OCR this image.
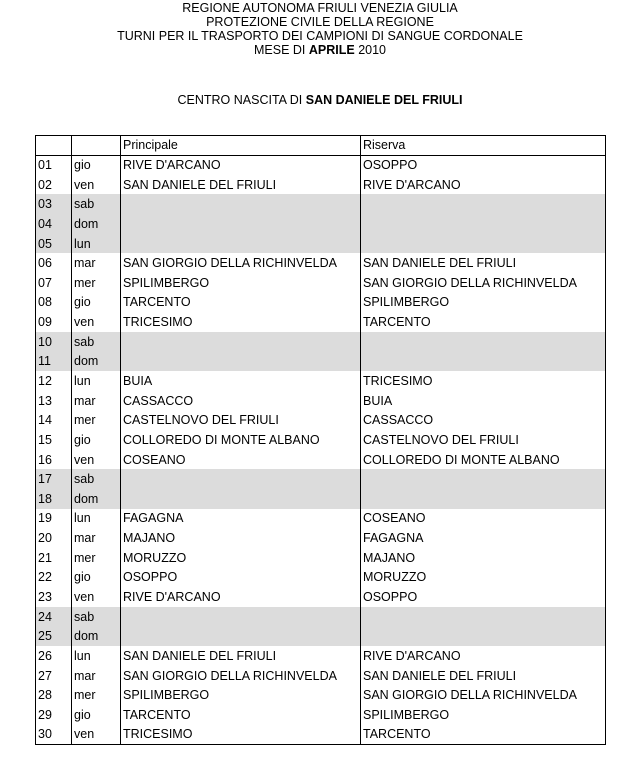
REGIONE AUTONOMA FRIULI VENEZIA GIULIA
PROTEZIONE CIVILE DELLA REGIONE
TURNI PER IL TRASPORTO DEI CAMPIONI DI SANGUE CORDONALE
MESE DI APRILE 2010
CENTRO NASCITA DI SAN DANIELE DEL FRIULI
		Principale	Riserva
01	gio	RIVE D'ARCANO	OSOPPO
02	ven	SAN DANIELE DEL FRIULI	RIVE D'ARCANO
03	sab		
04	dom		
05	lun		
06	mar	SAN GIORGIO DELLA RICHINVELDA	SAN DANIELE DEL FRIULI
07	mer	SPILIMBERGO	SAN GIORGIO DELLA RICHINVELDA
08	gio	TARCENTO	SPILIMBERGO
09	ven	TRICESIMO	TARCENTO
10	sab		
11	dom		
12	lun	BUIA	TRICESIMO
13	mar	CASSACCO	BUIA
14	mer	CASTELNOVO DEL FRIULI	CASSACCO
15	gio	COLLOREDO DI MONTE ALBANO	CASTELNOVO DEL FRIULI
16	ven	COSEANO	COLLOREDO DI MONTE ALBANO
17	sab		
18	dom		
19	lun	FAGAGNA	COSEANO
20	mar	MAJANO	FAGAGNA
21	mer	MORUZZO	MAJANO
22	gio	OSOPPO	MORUZZO
23	ven	RIVE D'ARCANO	OSOPPO
24	sab		
25	dom		
26	lun	SAN DANIELE DEL FRIULI	RIVE D'ARCANO
27	mar	SAN GIORGIO DELLA RICHINVELDA	SAN DANIELE DEL FRIULI
28	mer	SPILIMBERGO	SAN GIORGIO DELLA RICHINVELDA
29	gio	TARCENTO	SPILIMBERGO
30	ven	TRICESIMO	TARCENTO
